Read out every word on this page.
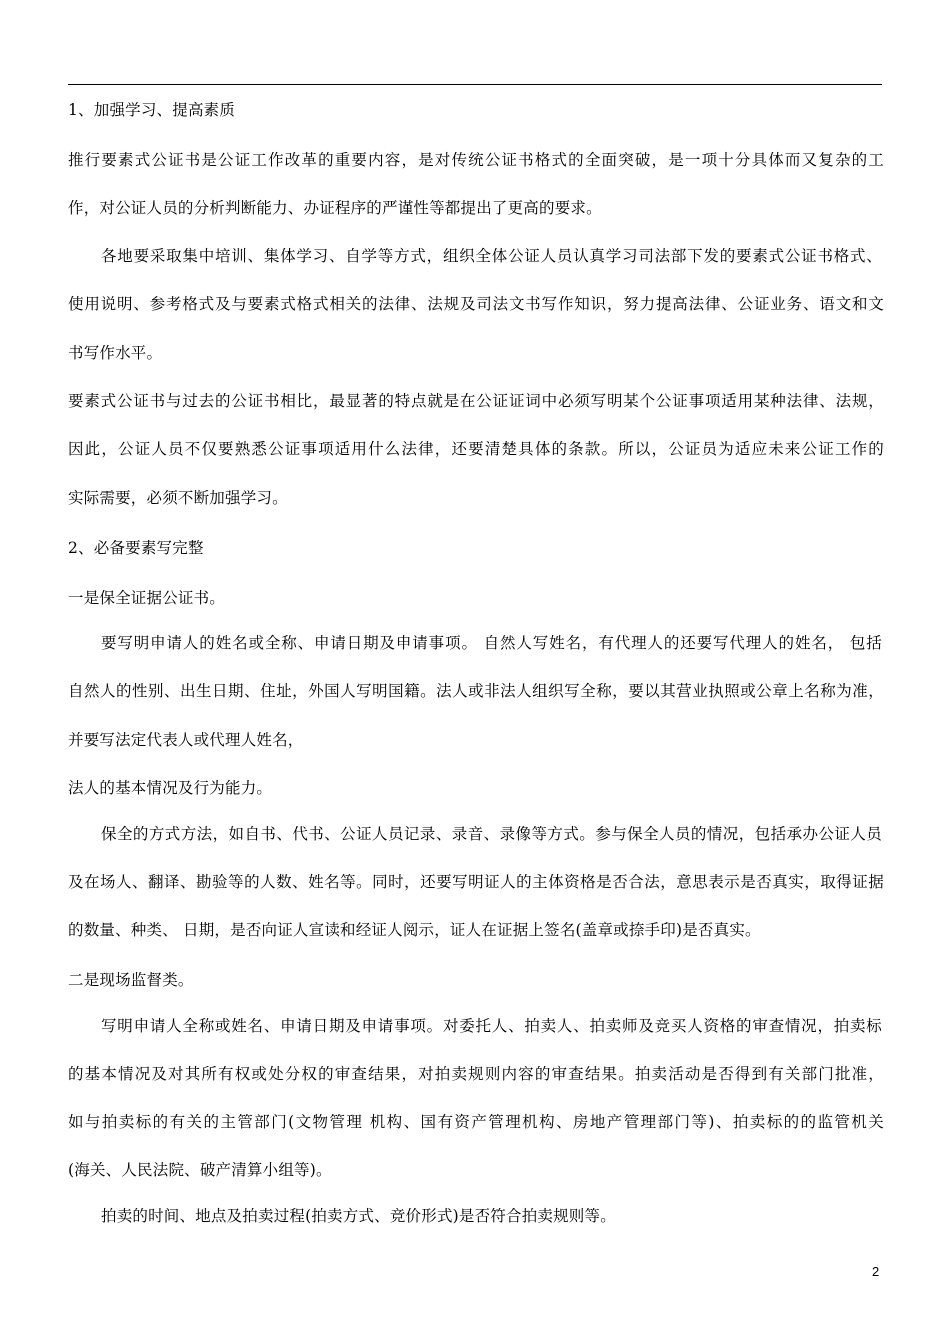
1、加强学习、提高素质
推行要素式公证书是公证工作改革的重要内容，是对传统公证书格式的全面突破，是一项十分具体而又复杂的工
作，对公证人员的分析判断能力、办证程序的严谨性等都提出了更高的要求。
各地要采取集中培训、集体学习、自学等方式，组织全体公证人员认真学习司法部下发的要素式公证书格式、
使用说明、参考格式及与要素式格式相关的法律、法规及司法文书写作知识，努力提高法律、公证业务、语文和文
书写作水平。
要素式公证书与过去的公证书相比，最显著的特点就是在公证证词中必须写明某个公证事项适用某种法律、法规，
因此，公证人员不仅要熟悉公证事项适用什么法律，还要清楚具体的条款。所以，公证员为适应未来公证工作的
实际需要，必须不断加强学习。
2、必备要素写完整
一是保全证据公证书。
要写明申请人的姓名或全称、申请日期及申请事项。 自然人写姓名，有代理人的还要写代理人的姓名， 包括
自然人的性别、出生日期、住址，外国人写明国籍。法人或非法人组织写全称，要以其营业执照或公章上名称为准，
并要写法定代表人或代理人姓名，
法人的基本情况及行为能力。
保全的方式方法，如自书、代书、公证人员记录、录音、录像等方式。参与保全人员的情况，包括承办公证人员
及在场人、翻译、勘验等的人数、姓名等。同时，还要写明证人的主体资格是否合法，意思表示是否真实，取得证据
的数量、种类、 日期，是否向证人宣读和经证人阅示，证人在证据上签名(盖章或捺手印)是否真实。
二是现场监督类。
写明申请人全称或姓名、申请日期及申请事项。对委托人、拍卖人、拍卖师及竞买人资格的审查情况，拍卖标
的基本情况及对其所有权或处分权的审查结果，对拍卖规则内容的审查结果。拍卖活动是否得到有关部门批准，
如与拍卖标的有关的主管部门(文物管理 机构、国有资产管理机构、房地产管理部门等)、拍卖标的的监管机关
(海关、人民法院、破产清算小组等)。
拍卖的时间、地点及拍卖过程(拍卖方式、竞价形式)是否符合拍卖规则等。
2
